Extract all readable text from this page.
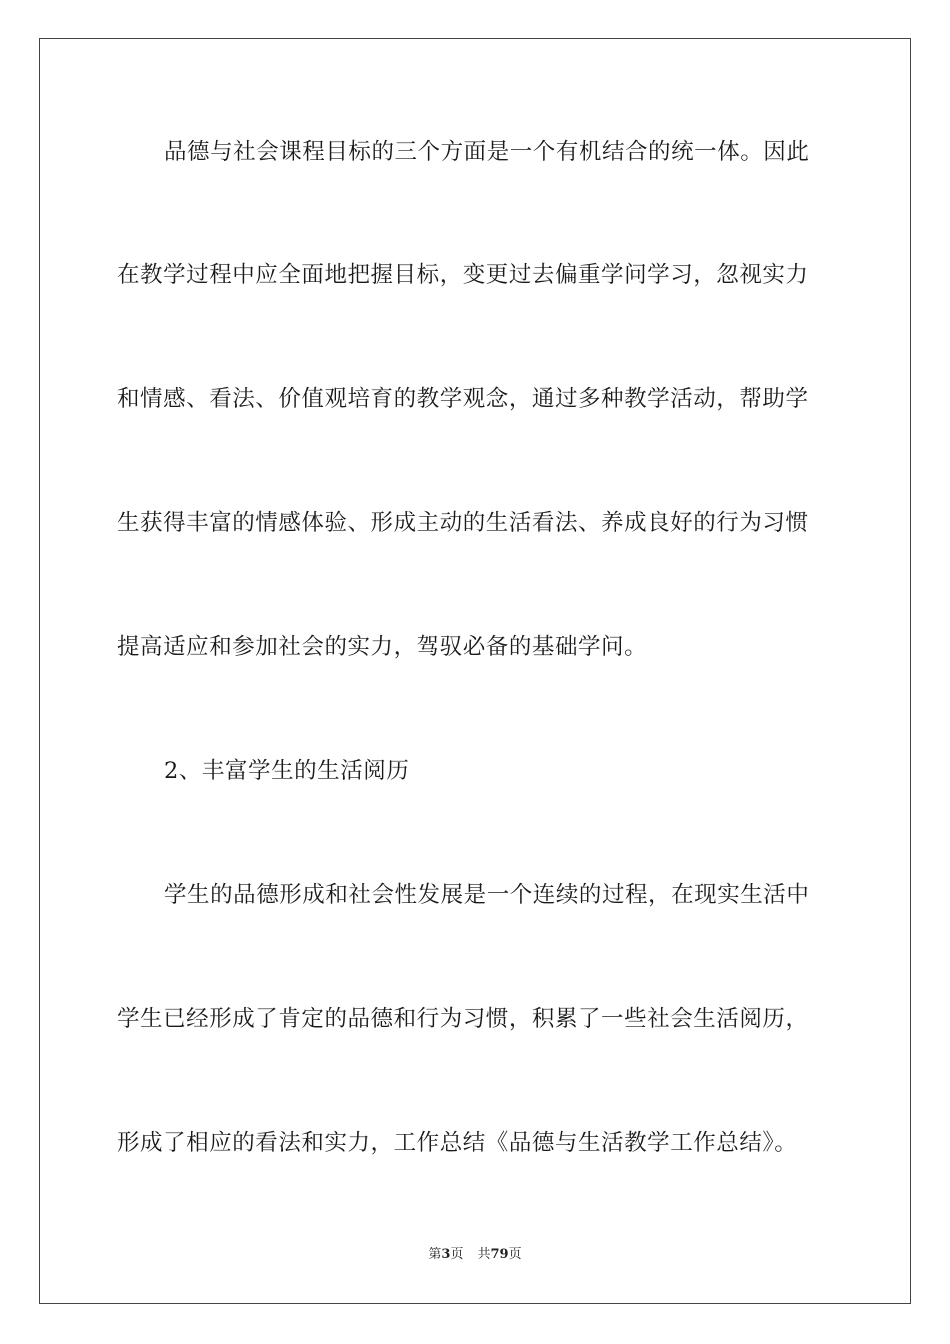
品德与社会课程目标的三个方面是一个有机结合的统一体。因此
在教学过程中应全面地把握目标，变更过去偏重学问学习，忽视实力
和情感、看法、价值观培育的教学观念，通过多种教学活动，帮助学
生获得丰富的情感体验、形成主动的生活看法、养成良好的行为习惯
提高适应和参加社会的实力，驾驭必备的基础学问。
2、丰富学生的生活阅历
学生的品德形成和社会性发展是一个连续的过程，在现实生活中
学生已经形成了肯定的品德和行为习惯，积累了一些社会生活阅历，
形成了相应的看法和实力，工作总结《品德与生活教学工作总结》。
第3页 共79页
